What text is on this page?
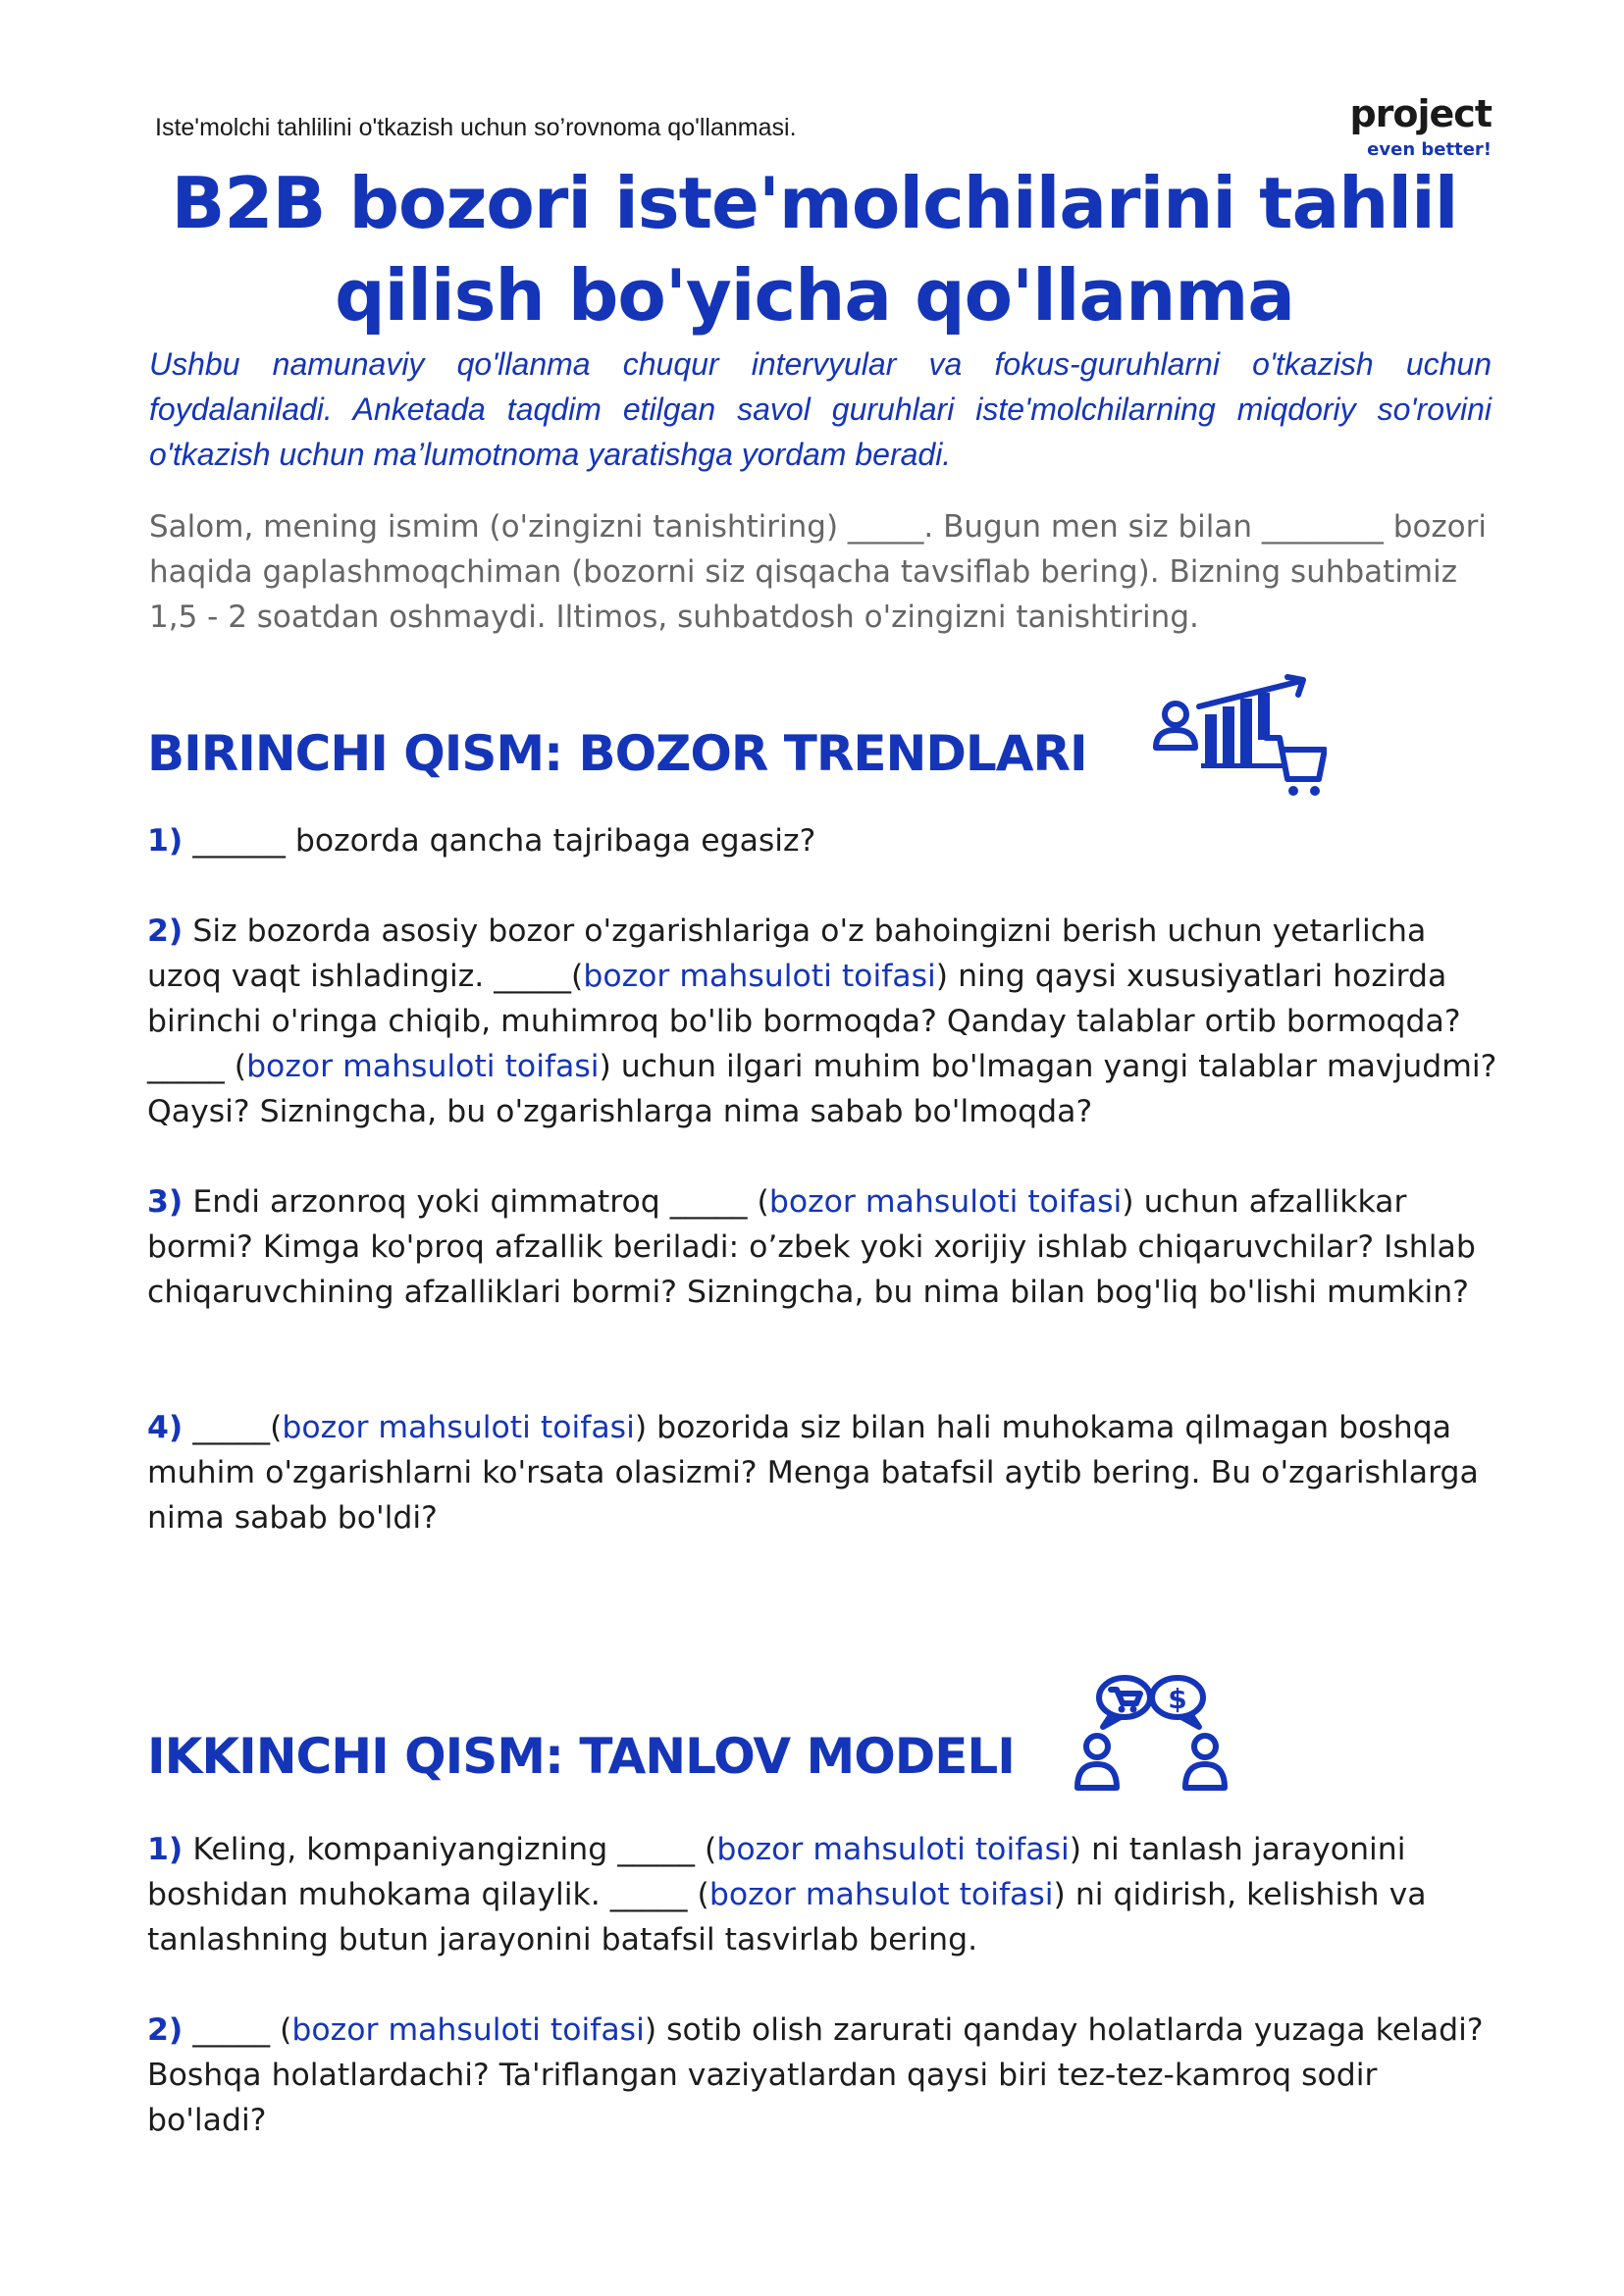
Iste'molchi tahlilini o'tkazish uchun so’rovnoma qo'llanmasi.	project
even better!
B2B bozori iste'molchilarini tahlil
qilish bo'yicha qo'llanma

Ushbu namunaviy qo'llanma chuqur intervyular va fokus-guruhlarni o'tkazish uchun foydalaniladi. Anketada taqdim etilgan savol guruhlari iste'molchilarning miqdoriy so'rovini o'tkazish uchun ma’lumotnoma yaratishga yordam beradi.

Salom, mening ismim (o'zingizni tanishtiring) _____. Bugun men siz bilan ________ bozori haqida gaplashmoqchiman (bozorni siz qisqacha tavsiflab bering). Bizning suhbatimiz 1,5 - 2 soatdan oshmaydi. Iltimos, suhbatdosh o'zingizni tanishtiring.

BIRINCHI QISM: BOZOR TRENDLARI

1) ______ bozorda qancha tajribaga egasiz?

2) Siz bozorda asosiy bozor o'zgarishlariga o'z bahoingizni berish uchun yetarlicha uzoq vaqt ishladingiz. _____(bozor mahsuloti toifasi) ning qaysi xususiyatlari hozirda birinchi o'ringa chiqib, muhimroq bo'lib bormoqda? Qanday talablar ortib bormoqda? _____ (bozor mahsuloti toifasi) uchun ilgari muhim bo'lmagan yangi talablar mavjudmi? Qaysi? Sizningcha, bu o'zgarishlarga nima sabab bo'lmoqda?

3) Endi arzonroq yoki qimmatroq _____ (bozor mahsuloti toifasi) uchun afzallikkar bormi? Kimga ko'proq afzallik beriladi: o’zbek yoki xorijiy ishlab chiqaruvchilar? Ishlab chiqaruvchining afzalliklari bormi? Sizningcha, bu nima bilan bog'liq bo'lishi mumkin?

4) _____(bozor mahsuloti toifasi) bozorida siz bilan hali muhokama qilmagan boshqa muhim o'zgarishlarni ko'rsata olasizmi? Menga batafsil aytib bering. Bu o'zgarishlarga nima sabab bo'ldi?

IKKINCHI QISM: TANLOV MODELI
$

1) Keling, kompaniyangizning _____ (bozor mahsuloti toifasi) ni tanlash jarayonini boshidan muhokama qilaylik. _____ (bozor mahsulot toifasi) ni qidirish, kelishish va tanlashning butun jarayonini batafsil tasvirlab bering.

2) _____ (bozor mahsuloti toifasi) sotib olish zarurati qanday holatlarda yuzaga keladi? Boshqa holatlardachi? Ta'riflangan vaziyatlardan qaysi biri tez-tez-kamroq sodir bo'ladi?
